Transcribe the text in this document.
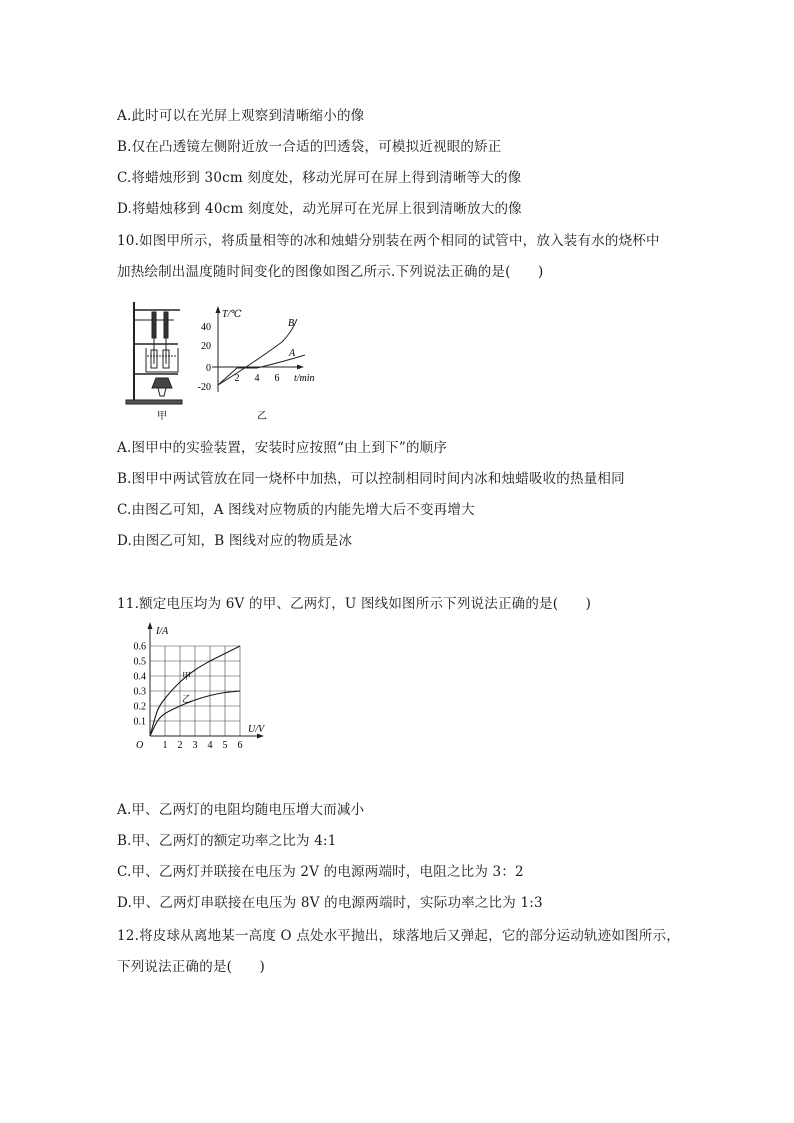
A.此时可以在光屏上观察到清晰缩小的像
B.仅在凸透镜左侧附近放一合适的凹透袋，可模拟近视眼的矫正
C.将蜡烛形到 30cm 刻度处，移动光屏可在屏上得到清晰等大的像
D.将蜡烛移到 40cm 刻度处，动光屏可在光屏上很到清晰放大的像
10.如图甲所示，将质量相等的冰和烛蜡分别装在两个相同的试管中，放入装有水的烧杯中
加热绘制出温度随时间变化的图像如图乙所示.下列说法正确的是(　　)
甲
T/℃
t/min
40
20
0
-20
2 4 6
B
A
乙
A.图甲中的实验装置，安装时应按照“由上到下”的顺序
B.图甲中两试管放在同一烧杯中加热，可以控制相同时间内冰和烛蜡吸收的热量相同
C.由图乙可知，A 图线对应物质的内能先增大后不变再增大
D.由图乙可知，B 图线对应的物质是冰
11.额定电压均为 6V 的甲、乙两灯，U 图线如图所示下列说法正确的是(　　)
1 2 3 4 5 6
0.1
0.2
0.3
0.4
0.5
0.6
O
U/V
I/A
甲
乙
A.甲、乙两灯的电阻均随电压增大而减小
B.甲、乙两灯的额定功率之比为 4:1
C.甲、乙两灯并联接在电压为 2V 的电源两端时，电阻之比为 3：2
D.甲、乙两灯串联接在电压为 8V 的电源两端时，实际功率之比为 1:3
12.将皮球从离地某一高度 O 点处水平抛出，球落地后又弹起，它的部分运动轨迹如图所示，
下列说法正确的是(　　)
